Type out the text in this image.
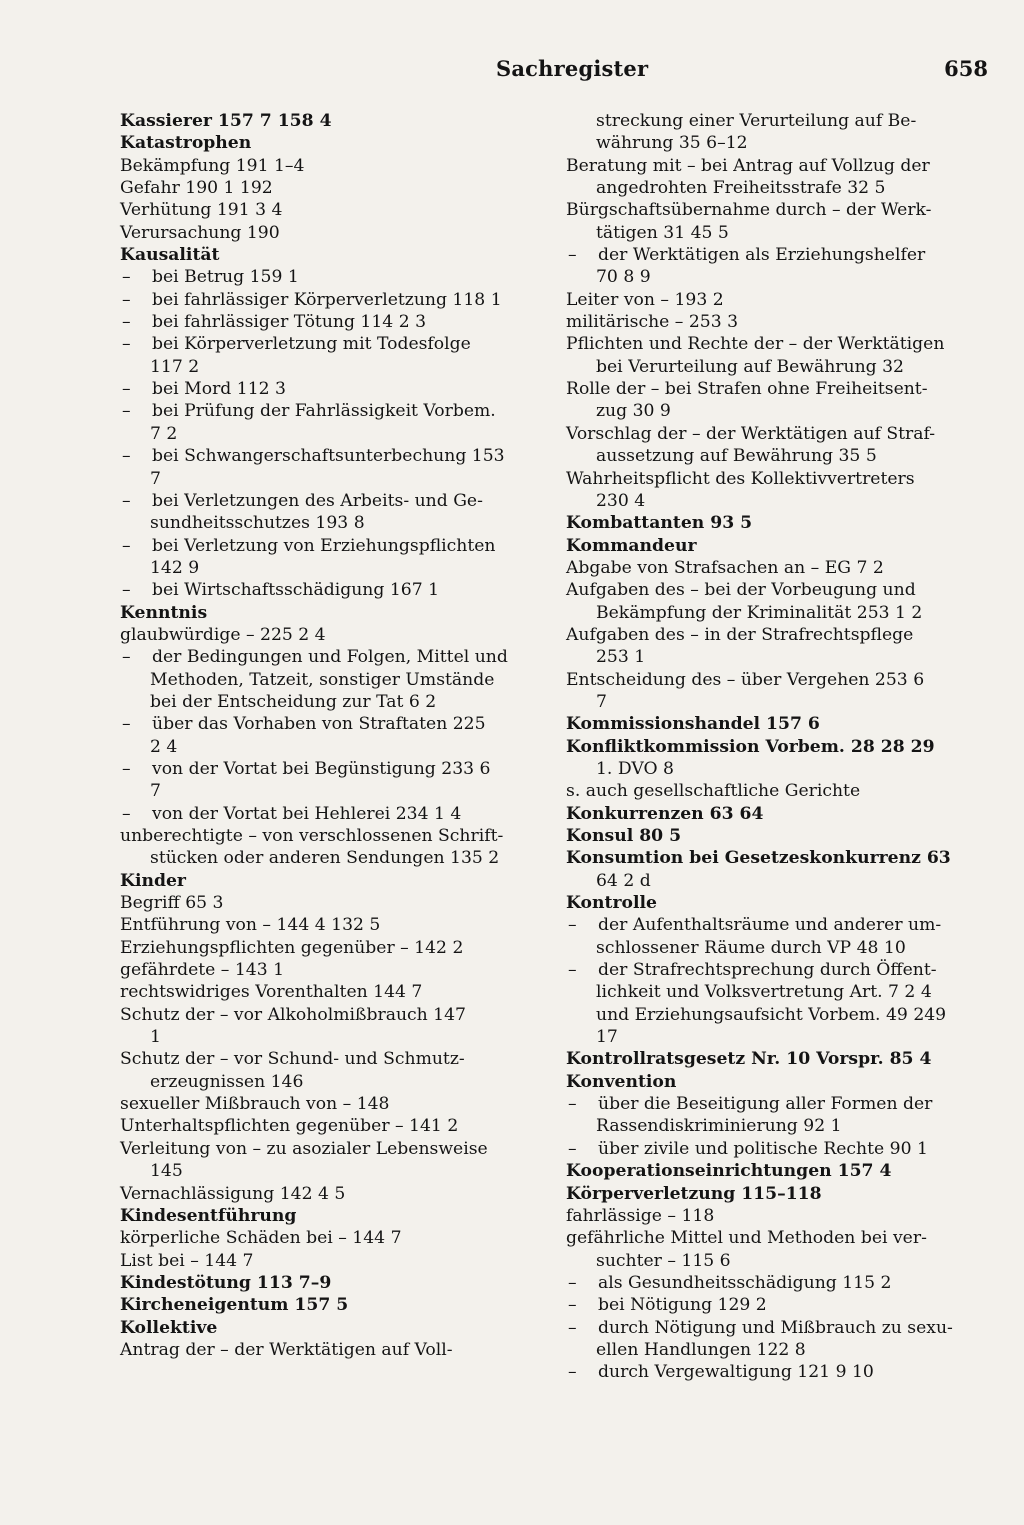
Sachregister	658
Kassierer 157 7 158 4
Katastrophen
Bekämpfung 191 1–4
Gefahr 190 1 192
Verhütung 191 3 4
Verursachung 190
Kausalität
– bei Betrug 159 1
– bei fahrlässiger Körperverletzung 118 1
– bei fahrlässiger Tötung 114 2 3
– bei Körperverletzung mit Todesfolge
117 2
– bei Mord 112 3
– bei Prüfung der Fahrlässigkeit Vorbem.
7 2
– bei Schwangerschaftsunterbechung 153
7
– bei Verletzungen des Arbeits- und Ge-
sundheitsschutzes 193 8
– bei Verletzung von Erziehungspflichten
142 9
– bei Wirtschaftsschädigung 167 1
Kenntnis
glaubwürdige – 225 2 4
– der Bedingungen und Folgen, Mittel und
Methoden, Tatzeit, sonstiger Umstände
bei der Entscheidung zur Tat 6 2
– über das Vorhaben von Straftaten 225
2 4
– von der Vortat bei Begünstigung 233 6
7
– von der Vortat bei Hehlerei 234 1 4
unberechtigte – von verschlossenen Schrift-
stücken oder anderen Sendungen 135 2
Kinder
Begriff 65 3
Entführung von – 144 4 132 5
Erziehungspflichten gegenüber – 142 2
gefährdete – 143 1
rechtswidriges Vorenthalten 144 7
Schutz der – vor Alkoholmißbrauch 147
1
Schutz der – vor Schund- und Schmutz-
erzeugnissen 146
sexueller Mißbrauch von – 148
Unterhaltspflichten gegenüber – 141 2
Verleitung von – zu asozialer Lebensweise
145
Vernachlässigung 142 4 5
Kindesentführung
körperliche Schäden bei – 144 7
List bei – 144 7
Kindestötung 113 7–9
Kircheneigentum 157 5
Kollektive
Antrag der – der Werktätigen auf Voll-
streckung einer Verurteilung auf Be-
währung 35 6–12
Beratung mit – bei Antrag auf Vollzug der
angedrohten Freiheitsstrafe 32 5
Bürgschaftsübernahme durch – der Werk-
tätigen 31 45 5
– der Werktätigen als Erziehungshelfer
70 8 9
Leiter von – 193 2
militärische – 253 3
Pflichten und Rechte der – der Werktätigen
bei Verurteilung auf Bewährung 32
Rolle der – bei Strafen ohne Freiheitsent-
zug 30 9
Vorschlag der – der Werktätigen auf Straf-
aussetzung auf Bewährung 35 5
Wahrheitspflicht des Kollektivvertreters
230 4
Kombattanten 93 5
Kommandeur
Abgabe von Strafsachen an – EG 7 2
Aufgaben des – bei der Vorbeugung und
Bekämpfung der Kriminalität 253 1 2
Aufgaben des – in der Strafrechtspflege
253 1
Entscheidung des – über Vergehen 253 6
7
Kommissionshandel 157 6
Konfliktkommission Vorbem. 28 28 29
1. DVO 8
s. auch gesellschaftliche Gerichte
Konkurrenzen 63 64
Konsul 80 5
Konsumtion bei Gesetzeskonkurrenz 63
64 2 d
Kontrolle
– der Aufenthaltsräume und anderer um-
schlossener Räume durch VP 48 10
– der Strafrechtsprechung durch Öffent-
lichkeit und Volksvertretung Art. 7 2 4
und Erziehungsaufsicht Vorbem. 49 249
17
Kontrollratsgesetz Nr. 10 Vorspr. 85 4
Konvention
– über die Beseitigung aller Formen der
Rassendiskriminierung 92 1
– über zivile und politische Rechte 90 1
Kooperationseinrichtungen 157 4
Körperverletzung 115–118
fahrlässige – 118
gefährliche Mittel und Methoden bei ver-
suchter – 115 6
– als Gesundheitsschädigung 115 2
– bei Nötigung 129 2
– durch Nötigung und Mißbrauch zu sexu-
ellen Handlungen 122 8
– durch Vergewaltigung 121 9 10
